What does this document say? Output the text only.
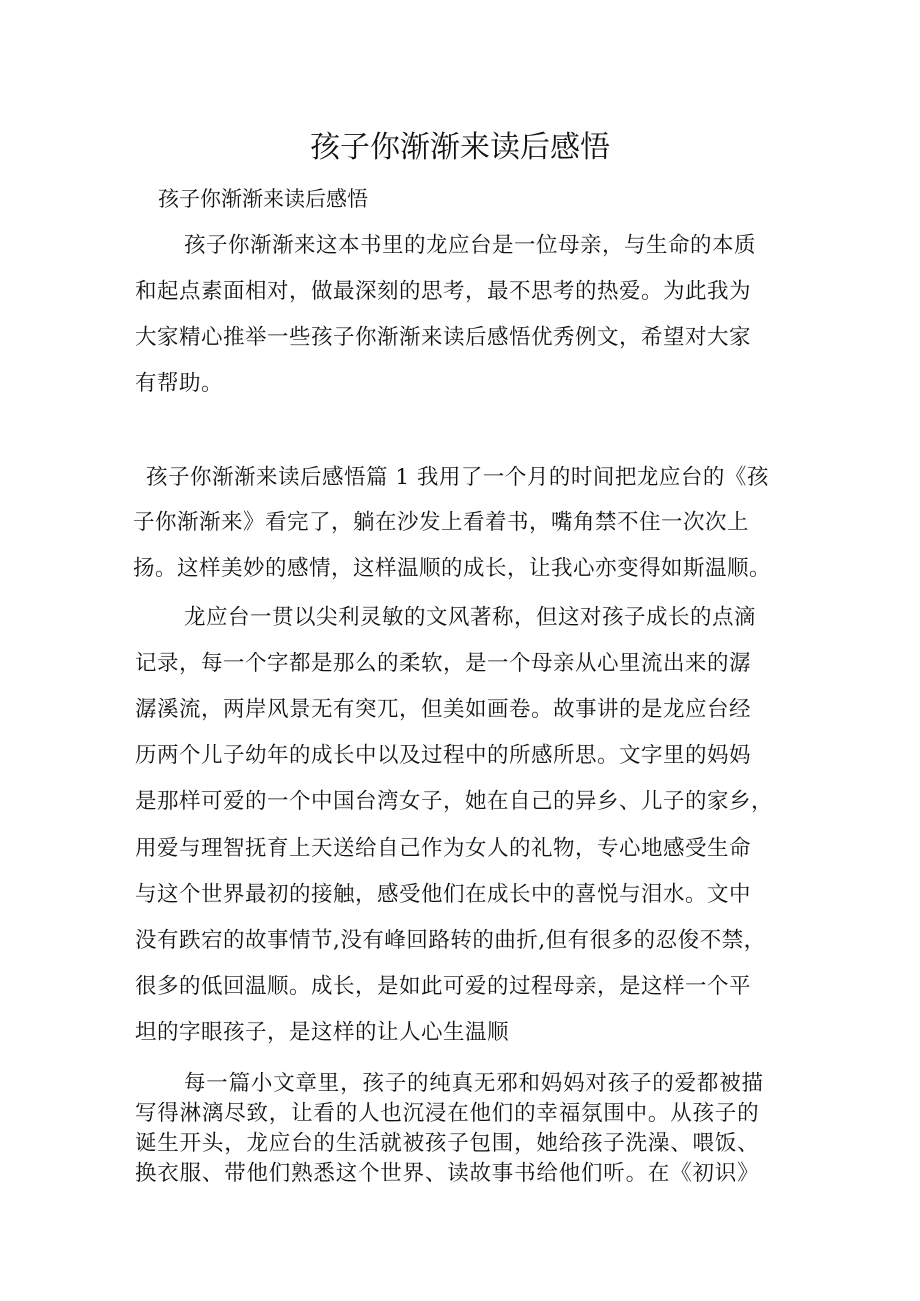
孩子你渐渐来读后感悟
孩子你渐渐来读后感悟
孩子你渐渐来这本书里的龙应台是一位母亲，与生命的本质
和起点素面相对，做最深刻的思考，最不思考的热爱。为此我为
大家精心推举一些孩子你渐渐来读后感悟优秀例文，希望对大家
有帮助。
孩子你渐渐来读后感悟篇 1 我用了一个月的时间把龙应台的《孩
子你渐渐来》看完了，躺在沙发上看着书，嘴角禁不住一次次上
扬。这样美妙的感情，这样温顺的成长，让我心亦变得如斯温顺。
龙应台一贯以尖利灵敏的文风著称，但这对孩子成长的点滴
记录，每一个字都是那么的柔软，是一个母亲从心里流出来的潺
潺溪流，两岸风景无有突兀，但美如画卷。故事讲的是龙应台经
历两个儿子幼年的成长中以及过程中的所感所思。文字里的妈妈
是那样可爱的一个中国台湾女子，她在自己的异乡、儿子的家乡，
用爱与理智抚育上天送给自己作为女人的礼物，专心地感受生命
与这个世界最初的接触，感受他们在成长中的喜悦与泪水。文中
没有跌宕的故事情节,没有峰回路转的曲折,但有很多的忍俊不禁，
很多的低回温顺。成长，是如此可爱的过程母亲，是这样一个平
坦的字眼孩子，是这样的让人心生温顺
每一篇小文章里，孩子的纯真无邪和妈妈对孩子的爱都被描
写得淋漓尽致，让看的人也沉浸在他们的幸福氛围中。从孩子的
诞生开头，龙应台的生活就被孩子包围，她给孩子洗澡、喂饭、
换衣服、带他们熟悉这个世界、读故事书给他们听。在《初识》
